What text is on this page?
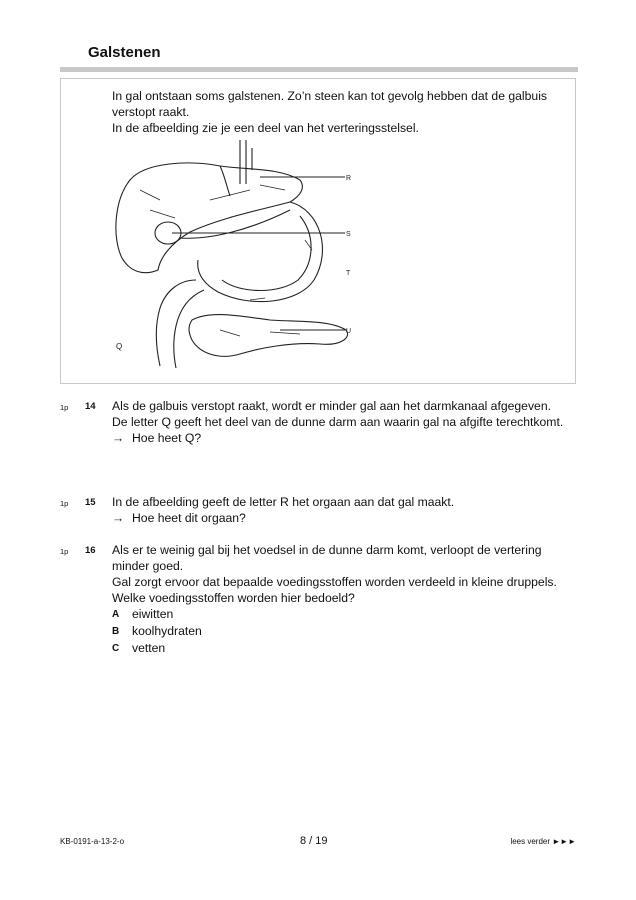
Galstenen

In gal ontstaan soms galstenen. Zo’n steen kan tot gevolg hebben dat de galbuis verstopt raakt.

In de afbeelding zie je een deel van het verteringsstelsel.

R
S
T
U
Q
1p	14 Als de galbuis verstopt raakt, wordt er minder gal aan het darmkanaal afgegeven.

De letter Q geeft het deel van de dunne darm aan waarin gal na afgifte terechtkomt.

→ Hoe heet Q?

1p	15 In de afbeelding geeft de letter R het orgaan aan dat gal maakt.

→ Hoe heet dit orgaan?

1p	16 Als er te weinig gal bij het voedsel in de dunne darm komt, verloopt de vertering minder goed.

Gal zorgt ervoor dat bepaalde voedingsstoffen worden verdeeld in kleine druppels.

Welke voedingsstoffen worden hier bedoeld?

A	eiwitten
B	koolhydraten
C	vetten
KB-0191-a-13-2-o	8 / 19	lees verder ►►►
